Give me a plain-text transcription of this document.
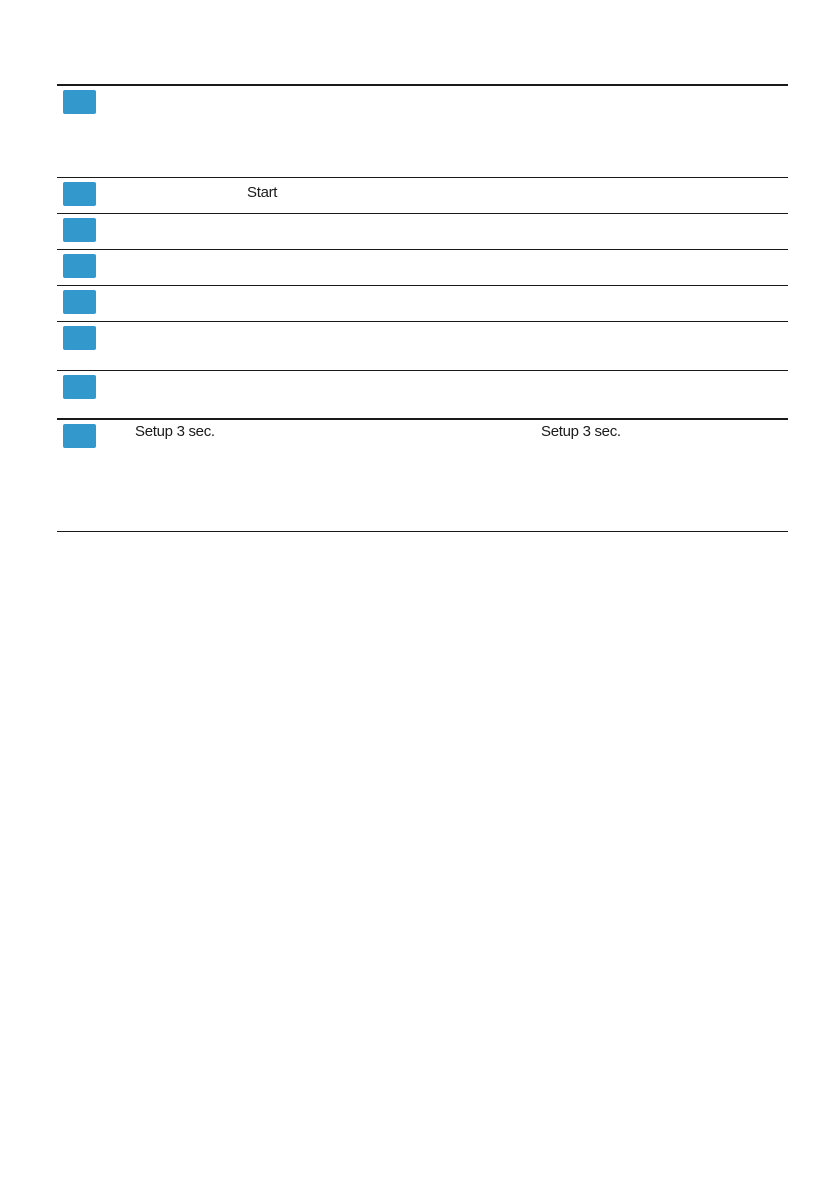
Start
Setup 3 sec.	Setup 3 sec.
